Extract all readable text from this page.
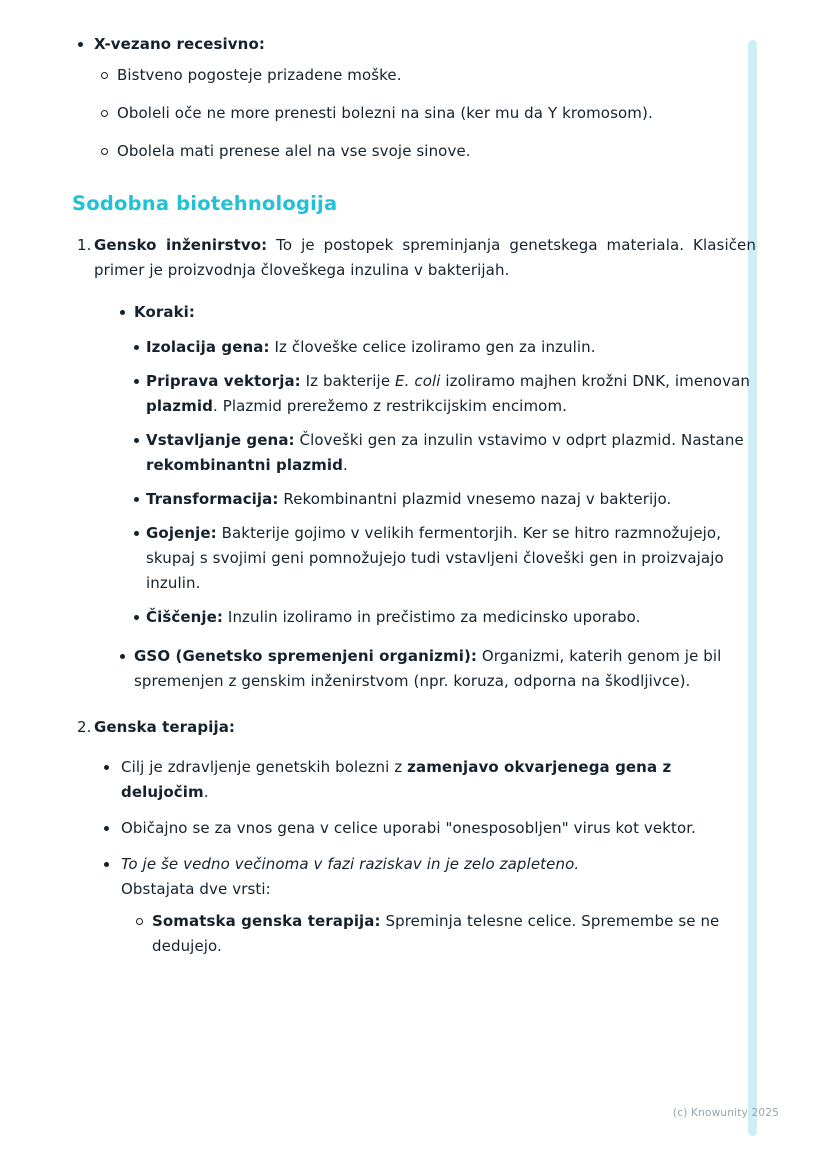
X-vezano recesivno:
Bistveno pogosteje prizadene moške.
Oboleli oče ne more prenesti bolezni na sina (ker mu da Y kromosom).
Obolela mati prenese alel na vse svoje sinove.
Sodobna biotehnologija
1. Gensko inženirstvo: To je postopek spreminjanja genetskega materiala. Klasičen primer je proizvodnja človeškega inzulina v bakterijah.

Koraki:
Izolacija gena: Iz človeške celice izoliramo gen za inzulin.
Priprava vektorja: Iz bakterije E. coli izoliramo majhen krožni DNK, imenovan plazmid. Plazmid prerežemo z restrikcijskim encimom.
Vstavljanje gena: Človeški gen za inzulin vstavimo v odprt plazmid. Nastane rekombinantni plazmid.
Transformacija: Rekombinantni plazmid vnesemo nazaj v bakterijo.
Gojenje: Bakterije gojimo v velikih fermentorjih. Ker se hitro razmnožujejo, skupaj s svojimi geni pomnožujejo tudi vstavljeni človeški gen in proizvajajo inzulin.
Čiščenje: Inzulin izoliramo in prečistimo za medicinsko uporabo.
GSO (Genetsko spremenjeni organizmi): Organizmi, katerih genom je bil spremenjen z genskim inženirstvom (npr. koruza, odporna na škodljivce).
2. Genska terapija:

Cilj je zdravljenje genetskih bolezni z zamenjavo okvarjenega gena z delujočim.
Običajno se za vnos gena v celice uporabi "onesposobljen" virus kot vektor.
To je še vedno večinoma v fazi raziskav in je zelo zapleteno.
Obstajata dve vrsti:
Somatska genska terapija: Spreminja telesne celice. Spremembe se ne dedujejo.
(c) Knowunity 2025
